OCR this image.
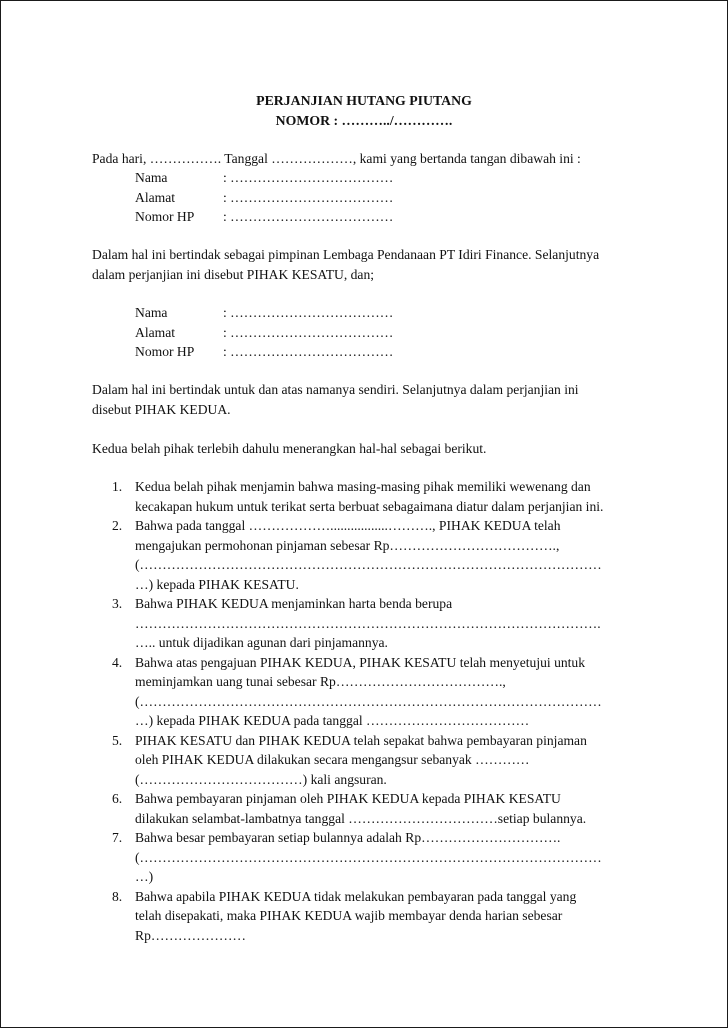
PERJANJIAN HUTANG PIUTANG
NOMOR : ………../………….
Pada hari, ……………. Tanggal ………………, kami yang bertanda tangan dibawah ini :
Nama	: ………………………………
Alamat	: ………………………………
Nomor HP	: ………………………………
Dalam hal ini bertindak sebagai pimpinan Lembaga Pendanaan PT Idiri Finance. Selanjutnya
dalam perjanjian ini disebut PIHAK KESATU, dan;
Nama	: ………………………………
Alamat	: ………………………………
Nomor HP	: ………………………………
Dalam hal ini bertindak untuk dan atas namanya sendiri. Selanjutnya dalam perjanjian ini
disebut PIHAK KEDUA.
Kedua belah pihak terlebih dahulu menerangkan hal-hal sebagai berikut.
1. Kedua belah pihak menjamin bahwa masing-masing pihak memiliki wewenang dan
kecakapan hukum untuk terikat serta berbuat sebagaimana diatur dalam perjanjian ini.
2. Bahwa pada tanggal ……………….................………., PIHAK KEDUA telah
mengajukan permohonan pinjaman sebesar Rp……………………………….,
(…………………………………………………………………………………………
…) kepada PIHAK KESATU.
3. Bahwa PIHAK KEDUA menjaminkan harta benda berupa
………………………………………………………………………………………….
….. untuk dijadikan agunan dari pinjamannya.
4. Bahwa atas pengajuan PIHAK KEDUA, PIHAK KESATU telah menyetujui untuk
meminjamkan uang tunai sebesar Rp……………………………….,
(…………………………………………………………………………………………
…) kepada PIHAK KEDUA pada tanggal ………………………………
5. PIHAK KESATU dan PIHAK KEDUA telah sepakat bahwa pembayaran pinjaman
oleh PIHAK KEDUA dilakukan secara mengangsur sebanyak …………
(………………………………) kali angsuran.
6. Bahwa pembayaran pinjaman oleh PIHAK KEDUA kepada PIHAK KESATU
dilakukan selambat-lambatnya tanggal ……………………………setiap bulannya.
7. Bahwa besar pembayaran setiap bulannya adalah Rp………………………….
(…………………………………………………………………………………………
…)
8. Bahwa apabila PIHAK KEDUA tidak melakukan pembayaran pada tanggal yang
telah disepakati, maka PIHAK KEDUA wajib membayar denda harian sebesar
Rp…………………
